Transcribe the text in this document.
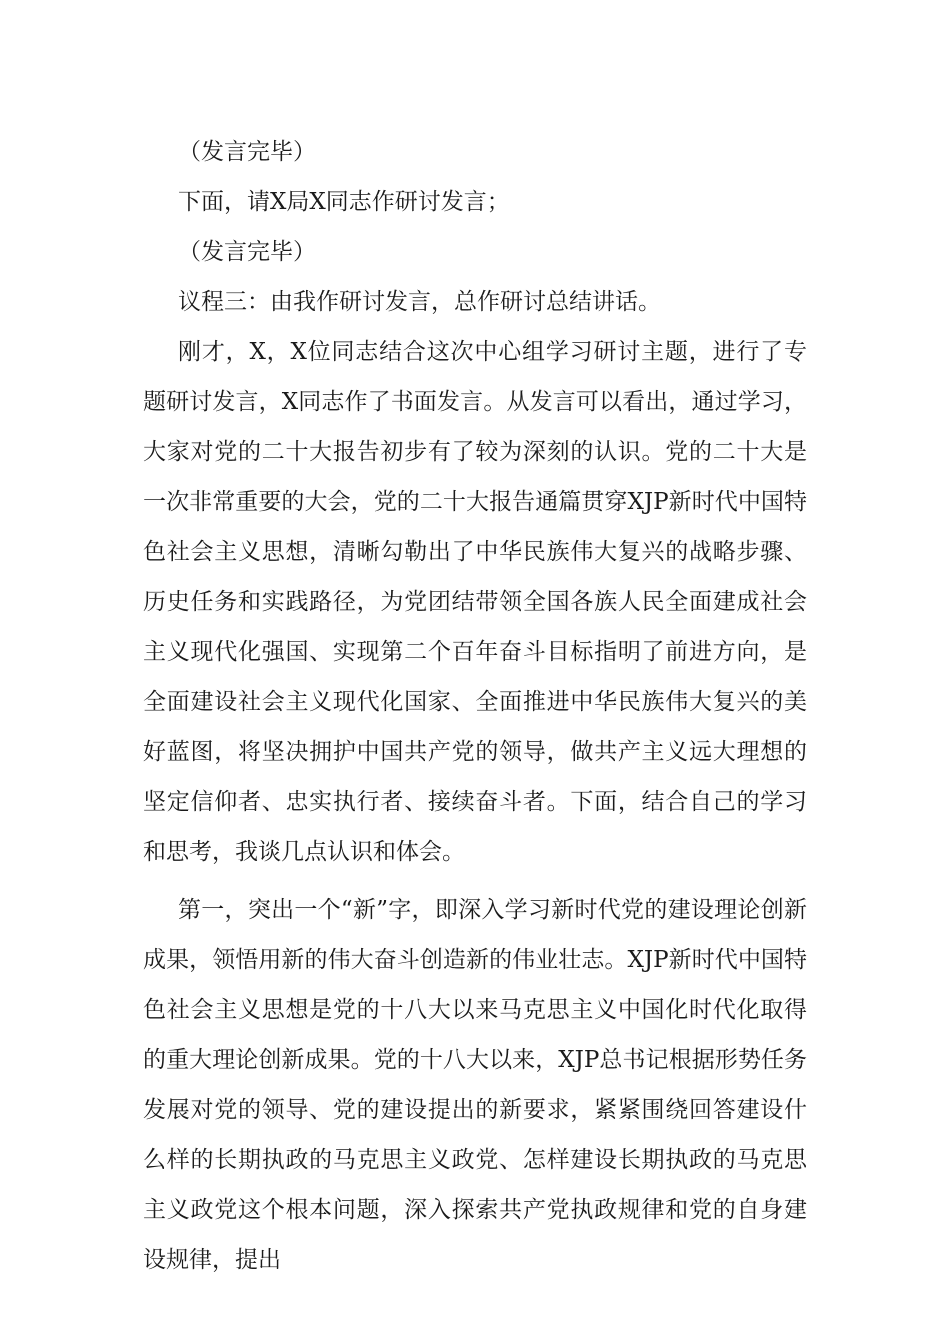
（发言完毕）

下面，请X局X同志作研讨发言；

（发言完毕）

议程三：由我作研讨发言，总作研讨总结讲话。

刚才，X，X位同志结合这次中心组学习研讨主题，进行了专题研讨发言，X同志作了书面发言。从发言可以看出，通过学习，大家对党的二十大报告初步有了较为深刻的认识。党的二十大是一次非常重要的大会，党的二十大报告通篇贯穿XJP新时代中国特色社会主义思想，清晰勾勒出了中华民族伟大复兴的战略步骤、历史任务和实践路径，为党团结带领全国各族人民全面建成社会主义现代化强国、实现第二个百年奋斗目标指明了前进方向，是全面建设社会主义现代化国家、全面推进中华民族伟大复兴的美好蓝图，将坚决拥护中国共产党的领导，做共产主义远大理想的坚定信仰者、忠实执行者、接续奋斗者。下面，结合自己的学习和思考，我谈几点认识和体会。

第一，突出一个“新”字，即深入学习新时代党的建设理论创新成果，领悟用新的伟大奋斗创造新的伟业壮志。XJP新时代中国特色社会主义思想是党的十八大以来马克思主义中国化时代化取得的重大理论创新成果。党的十八大以来，XJP总书记根据形势任务发展对党的领导、党的建设提出的新要求，紧紧围绕回答建设什么样的长期执政的马克思主义政党、怎样建设长期执政的马克思主义政党这个根本问题，深入探索共产党执政规律和党的自身建设规律，提出
